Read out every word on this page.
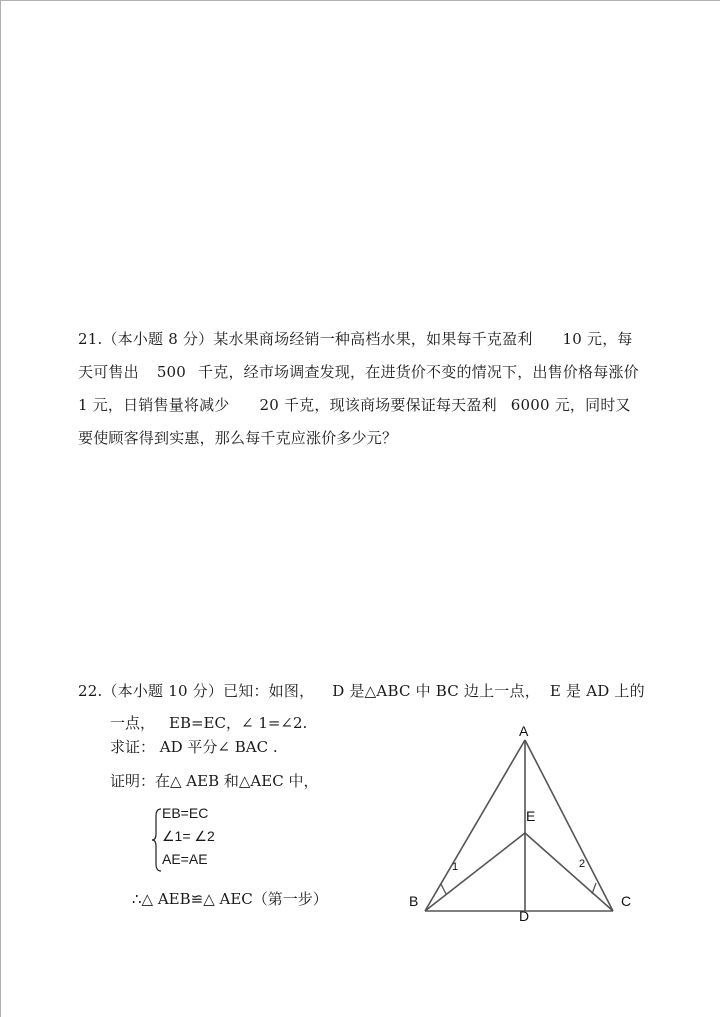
21.（本小题 8 分）某水果商场经销一种高档水果，如果每千克盈利 10 元，每
天可售出 500 千克，经市场调查发现，在进货价不变的情况下，出售价格每涨价
1 元，日销售量将减少 20 千克，现该商场要保证每天盈利 6000 元，同时又
要使顾客得到实惠，那么每千克应涨价多少元？
22.（本小题 10 分）已知：如图， D 是△ABC 中 BC 边上一点， E 是 AD 上的
一点， EB=EC，∠ 1=∠2.
求证： AD 平分∠ BAC .
证明：在△ AEB 和△AEC 中，
EB=EC
∠1= ∠2
AE=AE
∴△ AEB≌△ AEC（第一步）
A
B	C
D
E
1	2
